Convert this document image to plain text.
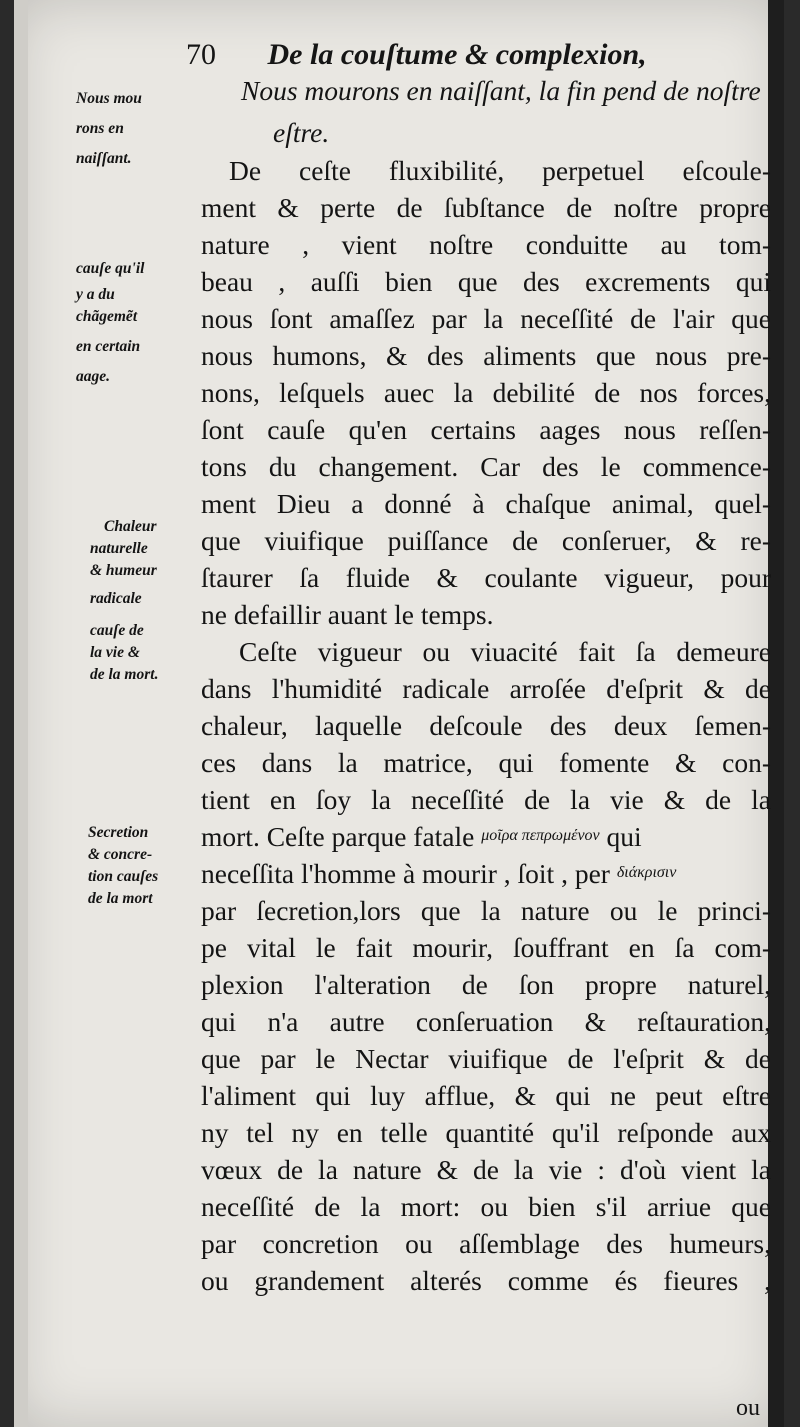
70 De la couſtume & complexion,
Nous mou
rons en
naiſſant.
cauſe qu'il
y a du
chãgemẽt
en certain
aage.
Chaleur
naturelle
& humeur
radicale
cauſe de
la vie &
de la mort.
Secretion
& concre-
tion cauſes
de la mort
Nous mourons en naiſſant, la fin pend de noſtre
eſtre.
De ceſte fluxibilité, perpetuel eſcoule-
ment & perte de ſubſtance de noſtre propre
nature , vient noſtre conduitte au tom-
beau , auſſi bien que des excrements qui
nous ſont amaſſez par la neceſſité de l'air que
nous humons, & des aliments que nous pre-
nons, leſquels auec la debilité de nos forces,
ſont cauſe qu'en certains aages nous reſſen-
tons du changement. Car des le commence-
ment Dieu a donné à chaſque animal, quel-
que viuifique puiſſance de conſeruer, & re-
ſtaurer ſa fluide & coulante vigueur, pour
ne defaillir auant le temps.
Ceſte vigueur ou viuacité fait ſa demeure
dans l'humidité radicale arroſée d'eſprit & de
chaleur, laquelle deſcoule des deux ſemen-
ces dans la matrice, qui fomente & con-
tient en ſoy la neceſſité de la vie & de la
mort. Ceſte parque fatale $^{\mu oῖ\rho\alpha \pi\varepsilon\pi\rho\omega\mu έ\nu o\nu}$ qui
neceſſita l'homme à mourir , ſoit , per $^{\delta\iota ά\kappa\rho\iota\sigma\iota\nu}$
par ſecretion,lors que la nature ou le princi-
pe vital le fait mourir, ſouffrant en ſa com-
plexion l'alteration de ſon propre naturel,
qui n'a autre conſeruation & reſtauration,
que par le Nectar viuifique de l'eſprit & de
l'aliment qui luy afflue, & qui ne peut eſtre
ny tel ny en telle quantité qu'il reſponde aux
vœux de la nature & de la vie : d'où vient la
neceſſité de la mort: ou bien s'il arriue que
par concretion ou aſſemblage des humeurs,
ou grandement alterés comme és fieures ,
ou
